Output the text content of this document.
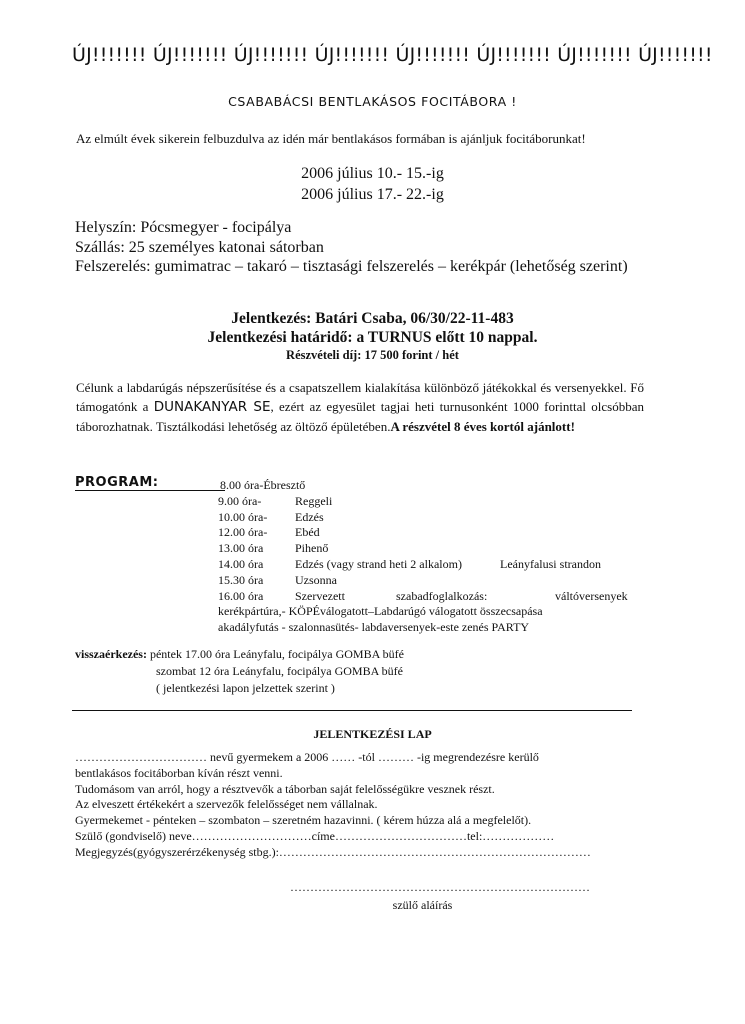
ÚJ!!!!!!! ÚJ!!!!!!! ÚJ!!!!!!! ÚJ!!!!!!! ÚJ!!!!!!! ÚJ!!!!!!! ÚJ!!!!!!! ÚJ!!!!!!!
CSABABÁCSI BENTLAKÁSOS FOCITÁBORA !
Az elmúlt évek sikerein felbuzdulva az idén már bentlakásos formában is ajánljuk focitáborunkat!
2006 július 10.- 15.-ig
2006 július 17.- 22.-ig
Helyszín: Pócsmegyer - focipálya
Szállás: 25 személyes katonai sátorban
Felszerelés: gumimatrac – takaró – tisztasági felszerelés – kerékpár (lehetőség szerint)
Jelentkezés: Batári Csaba, 06/30/22-11-483
Jelentkezési határidő: a TURNUS előtt 10 nappal.
Részvételi díj: 17 500 forint / hét
Célunk a labdarúgás népszerűsítése és a csapatszellem kialakítása különböző játékokkal és versenyekkel. Fő támogatónk a DUNAKANYAR SE, ezért az egyesület tagjai heti turnusonként 1000 forinttal olcsóbban táborozhatnak. Tisztálkodási lehetőség az öltöző épületében.A részvétel 8 éves kortól ajánlott!
PROGRAM:	8.00 óra-Ébresztő
9.00 óra-	Reggeli
10.00 óra- Edzés
12.00 óra- Ebéd
13.00 óra	Pihenő
14.00 óra	Edzés (vagy strand heti 2 alkalom)	Leányfalusi strandon
15.30 óra	Uzsonna
16.00 óra	Szervezett	szabadfoglalkozás:	váltóversenyek
kerékpártúra,- KÖPÉválogatott–Labdarúgó válogatott összecsapása
akadályfutás - szalonnasütés- labdaversenyek-este zenés PARTY
visszaérkezés: péntek 17.00 óra Leányfalu, focipálya GOMBA büfé
szombat 12 óra Leányfalu, focipálya GOMBA büfé
( jelentkezési lapon jelzettek szerint )
JELENTKEZÉSI LAP
…………………………… nevű gyermekem a 2006 …… -tól ……… -ig megrendezésre kerülő
bentlakásos focitáborban kíván részt venni.
Tudomásom van arról, hogy a résztvevők a táborban saját felelősségükre vesznek részt.
Az elveszett értékekért a szervezők felelősséget nem vállalnak.
Gyermekemet - pénteken – szombaton – szeretném hazavinni. ( kérem húzza alá a megfelelőt).
Szülő (gondviselő) neve…………………………címe……………………………tel:………………
Megjegyzés(gyógyszerérzékenység stbg.):……………………………………………………………………
…………………………………………………………………
szülő aláírás
